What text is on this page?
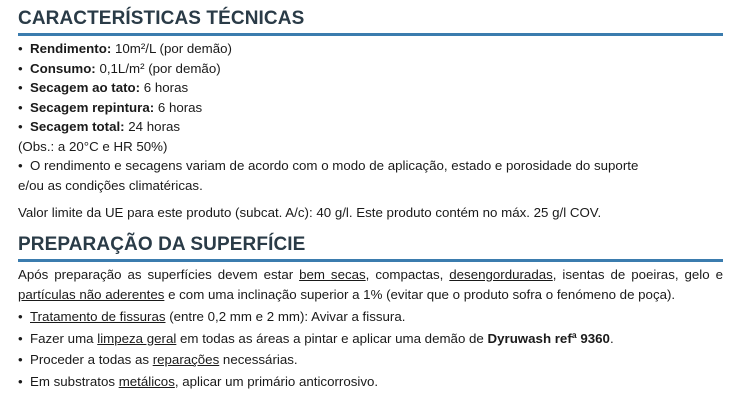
CARACTERÍSTICAS TÉCNICAS
• Rendimento: 10m²/L (por demão)
• Consumo: 0,1L/m² (por demão)
• Secagem ao tato: 6 horas
• Secagem repintura: 6 horas
• Secagem total: 24 horas
(Obs.: a 20°C e HR 50%)
• O rendimento e secagens variam de acordo com o modo de aplicação, estado e porosidade do suporte
e/ou as condições climatéricas.
Valor limite da UE para este produto (subcat. A/c): 40 g/l. Este produto contém no máx. 25 g/l COV.
PREPARAÇÃO DA SUPERFÍCIE
Após preparação as superfícies devem estar bem secas, compactas, desengorduradas, isentas de poeiras, gelo e partículas não aderentes e com uma inclinação superior a 1% (evitar que o produto sofra o fenómeno de poça).
• Tratamento de fissuras (entre 0,2 mm e 2 mm): Avivar a fissura.
• Fazer uma limpeza geral em todas as áreas a pintar e aplicar uma demão de Dyruwash refª 9360.
• Proceder a todas as reparações necessárias.
• Em substratos metálicos, aplicar um primário anticorrosivo.
